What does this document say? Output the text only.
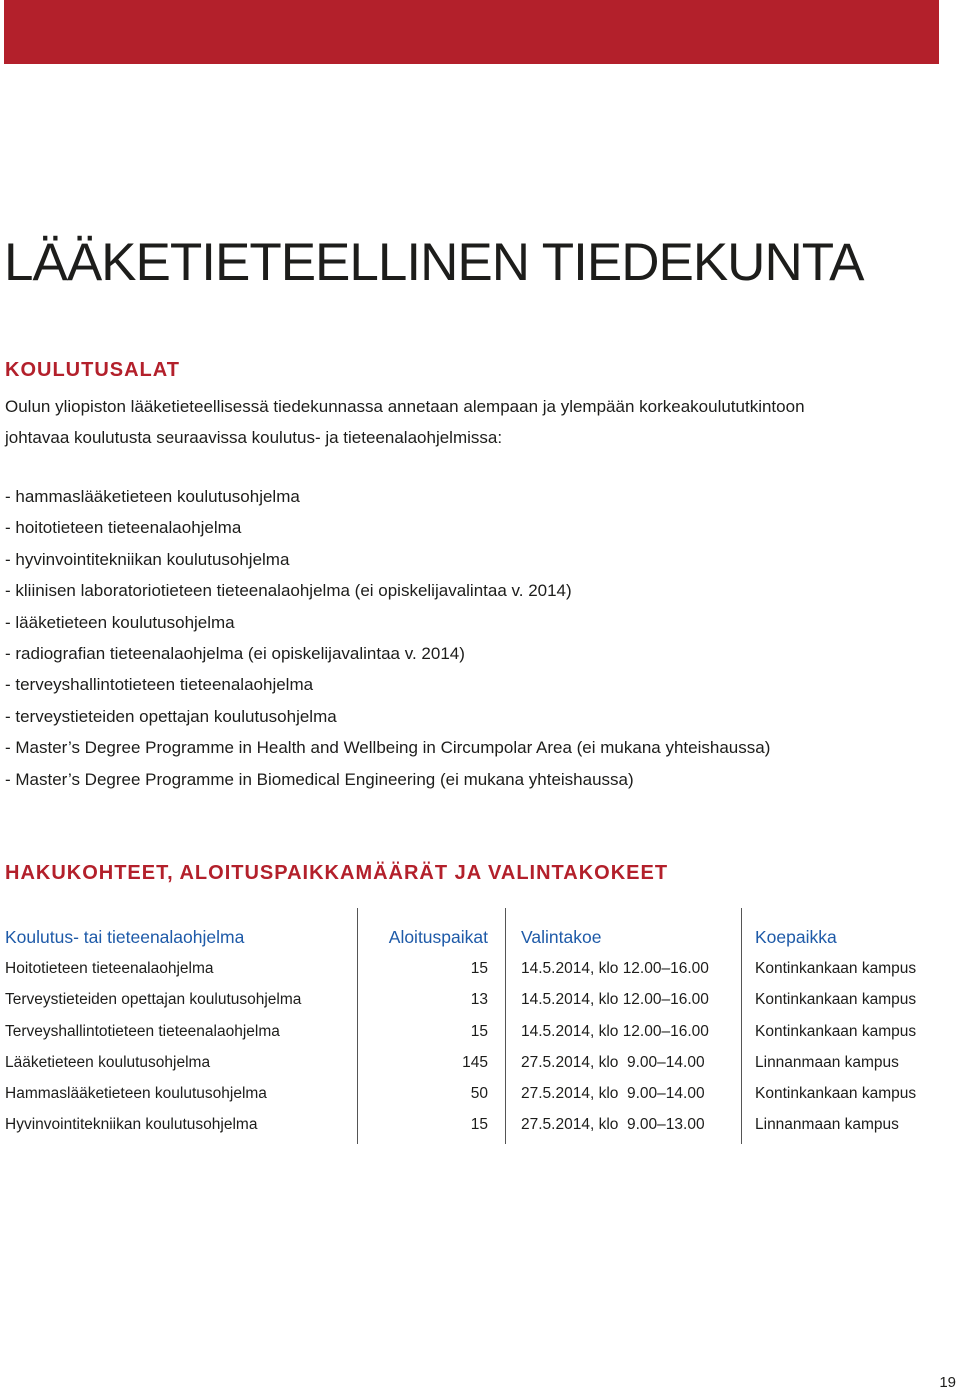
LÄÄKETIETEELLINEN TIEDEKUNTA
KOULUTUSALAT

Oulun yliopiston lääketieteellisessä tiedekunnassa annetaan alempaan ja ylempään korkeakoulututkintoon
johtavaa koulutusta seuraavissa koulutus- ja tieteenalaohjelmissa:

- hammaslääketieteen koulutusohjelma
- hoitotieteen tieteenalaohjelma
- hyvinvointitekniikan koulutusohjelma
- kliinisen laboratoriotieteen tieteenalaohjelma (ei opiskelijavalintaa v. 2014)
- lääketieteen koulutusohjelma
- radiografian tieteenalaohjelma (ei opiskelijavalintaa v. 2014)
- terveyshallintotieteen tieteenalaohjelma
- terveystieteiden opettajan koulutusohjelma
- Master’s Degree Programme in Health and Wellbeing in Circumpolar Area (ei mukana yhteishaussa)
- Master’s Degree Programme in Biomedical Engineering (ei mukana yhteishaussa)
HAKUKOHTEET, ALOITUSPAIKKAMÄÄRÄT JA VALINTAKOKEET
Koulutus- tai tieteenalaohjelma	Aloituspaikat Valintakoe	Koepaikka
Hoitotieteen tieteenalaohjelma	15 14.5.2014, klo 12.00–16.00	Kontinkankaan kampus
Terveystieteiden opettajan koulutusohjelma	13 14.5.2014, klo 12.00–16.00	Kontinkankaan kampus
Terveyshallintotieteen tieteenalaohjelma	15 14.5.2014, klo 12.00–16.00	Kontinkankaan kampus
Lääketieteen koulutusohjelma	145 27.5.2014, klo  9.00–14.00	Linnanmaan kampus
Hammaslääketieteen koulutusohjelma	50 27.5.2014, klo  9.00–14.00	Kontinkankaan kampus
Hyvinvointitekniikan koulutusohjelma	15 27.5.2014, klo  9.00–13.00	Linnanmaan kampus
19
